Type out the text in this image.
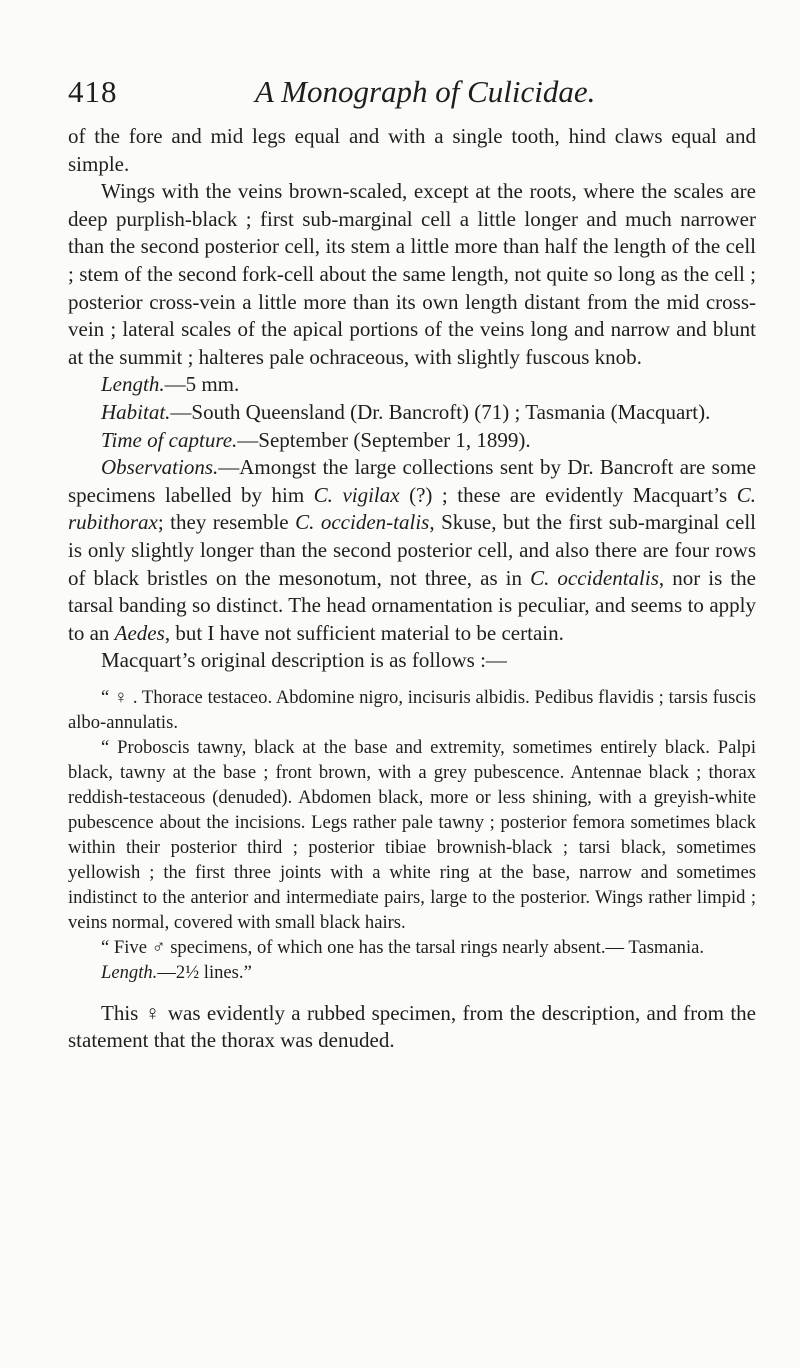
418	A Monograph of Culicidae.

of the fore and mid legs equal and with a single tooth, hind claws equal and simple.

Wings with the veins brown-scaled, except at the roots, where the scales are deep purplish-black ; first sub-marginal cell a little longer and much narrower than the second posterior cell, its stem a little more than half the length of the cell ; stem of the second fork-cell about the same length, not quite so long as the cell ; posterior cross-vein a little more than its own length distant from the mid cross-vein ; lateral scales of the apical portions of the veins long and narrow and blunt at the summit ; halteres pale ochraceous, with slightly fuscous knob.

Length.—5 mm.

Habitat.—South Queensland (Dr. Bancroft) (71) ; Tasmania (Macquart).

Time of capture.—September (September 1, 1899).

Observations.—Amongst the large collections sent by Dr. Bancroft are some specimens labelled by him C. vigilax (?) ; these are evidently Macquart’s C. rubithorax; they resemble C. occiden-talis, Skuse, but the first sub-marginal cell is only slightly longer than the second posterior cell, and also there are four rows of black bristles on the mesonotum, not three, as in C. occidentalis, nor is the tarsal banding so distinct. The head ornamentation is peculiar, and seems to apply to an Aedes, but I have not sufficient material to be certain.

Macquart’s original description is as follows :—

“ ♀ . Thorace testaceo. Abdomine nigro, incisuris albidis. Pedibus flavidis ; tarsis fuscis albo-annulatis.

“ Proboscis tawny, black at the base and extremity, sometimes entirely black. Palpi black, tawny at the base ; front brown, with a grey pubescence. Antennae black ; thorax reddish-testaceous (denuded). Abdomen black, more or less shining, with a greyish-white pubescence about the incisions. Legs rather pale tawny ; posterior femora sometimes black within their posterior third ; posterior tibiae brownish-black ; tarsi black, sometimes yellowish ; the first three joints with a white ring at the base, narrow and sometimes indistinct to the anterior and intermediate pairs, large to the posterior. Wings rather limpid ; veins normal, covered with small black hairs.

“ Five ♂ specimens, of which one has the tarsal rings nearly absent.— Tasmania.

Length.—2½ lines.”

This ♀ was evidently a rubbed specimen, from the description, and from the statement that the thorax was denuded.
